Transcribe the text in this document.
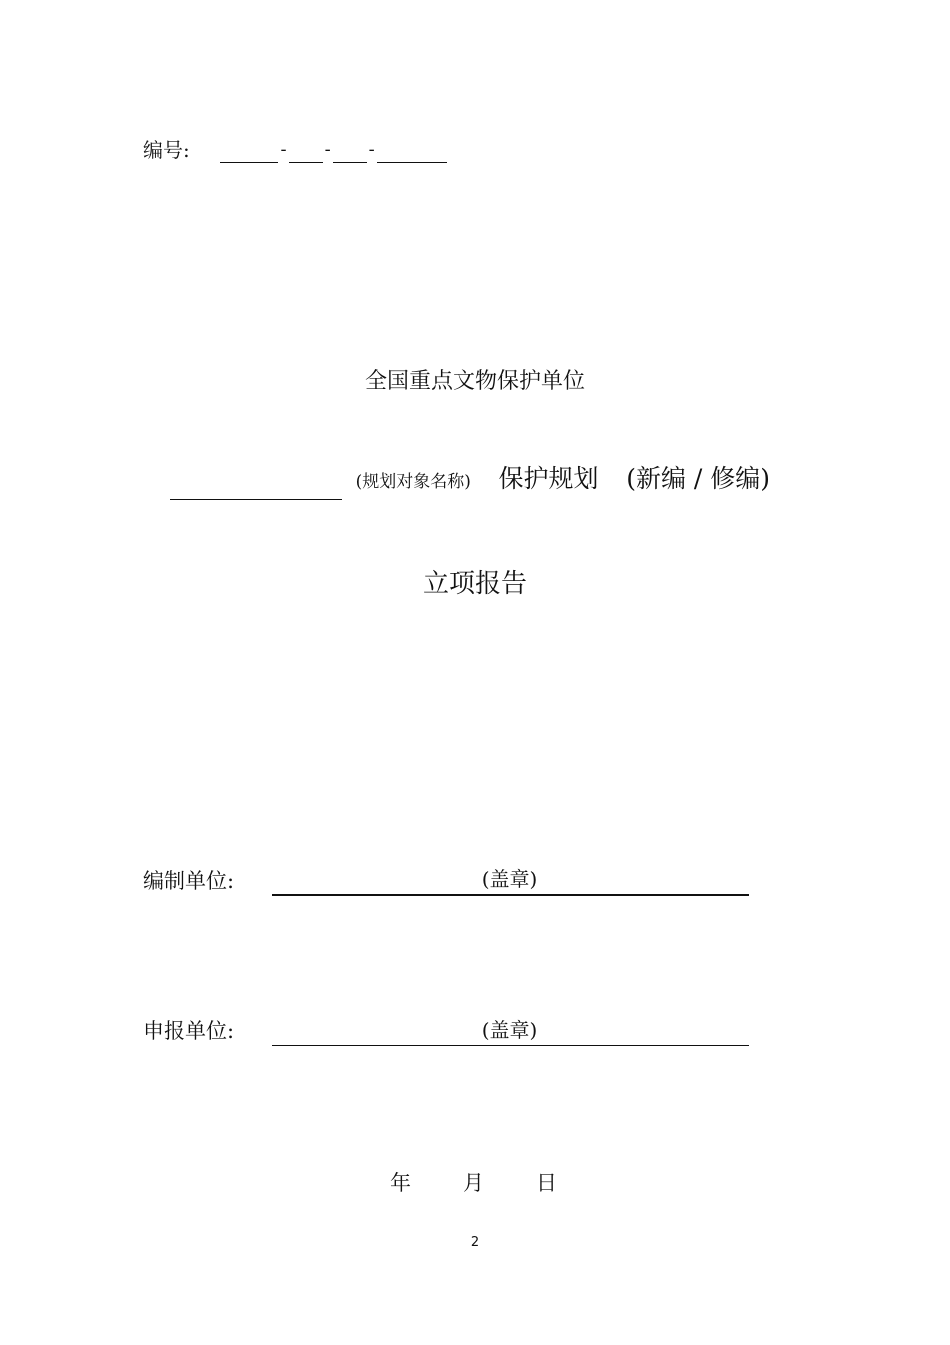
编号:	- - -
全国重点文物保护单位
(规划对象名称) 保护规划 (新编 / 修编)
立项报告
编制单位:	(盖章)
申报单位:	(盖章)
年 月 日
2
